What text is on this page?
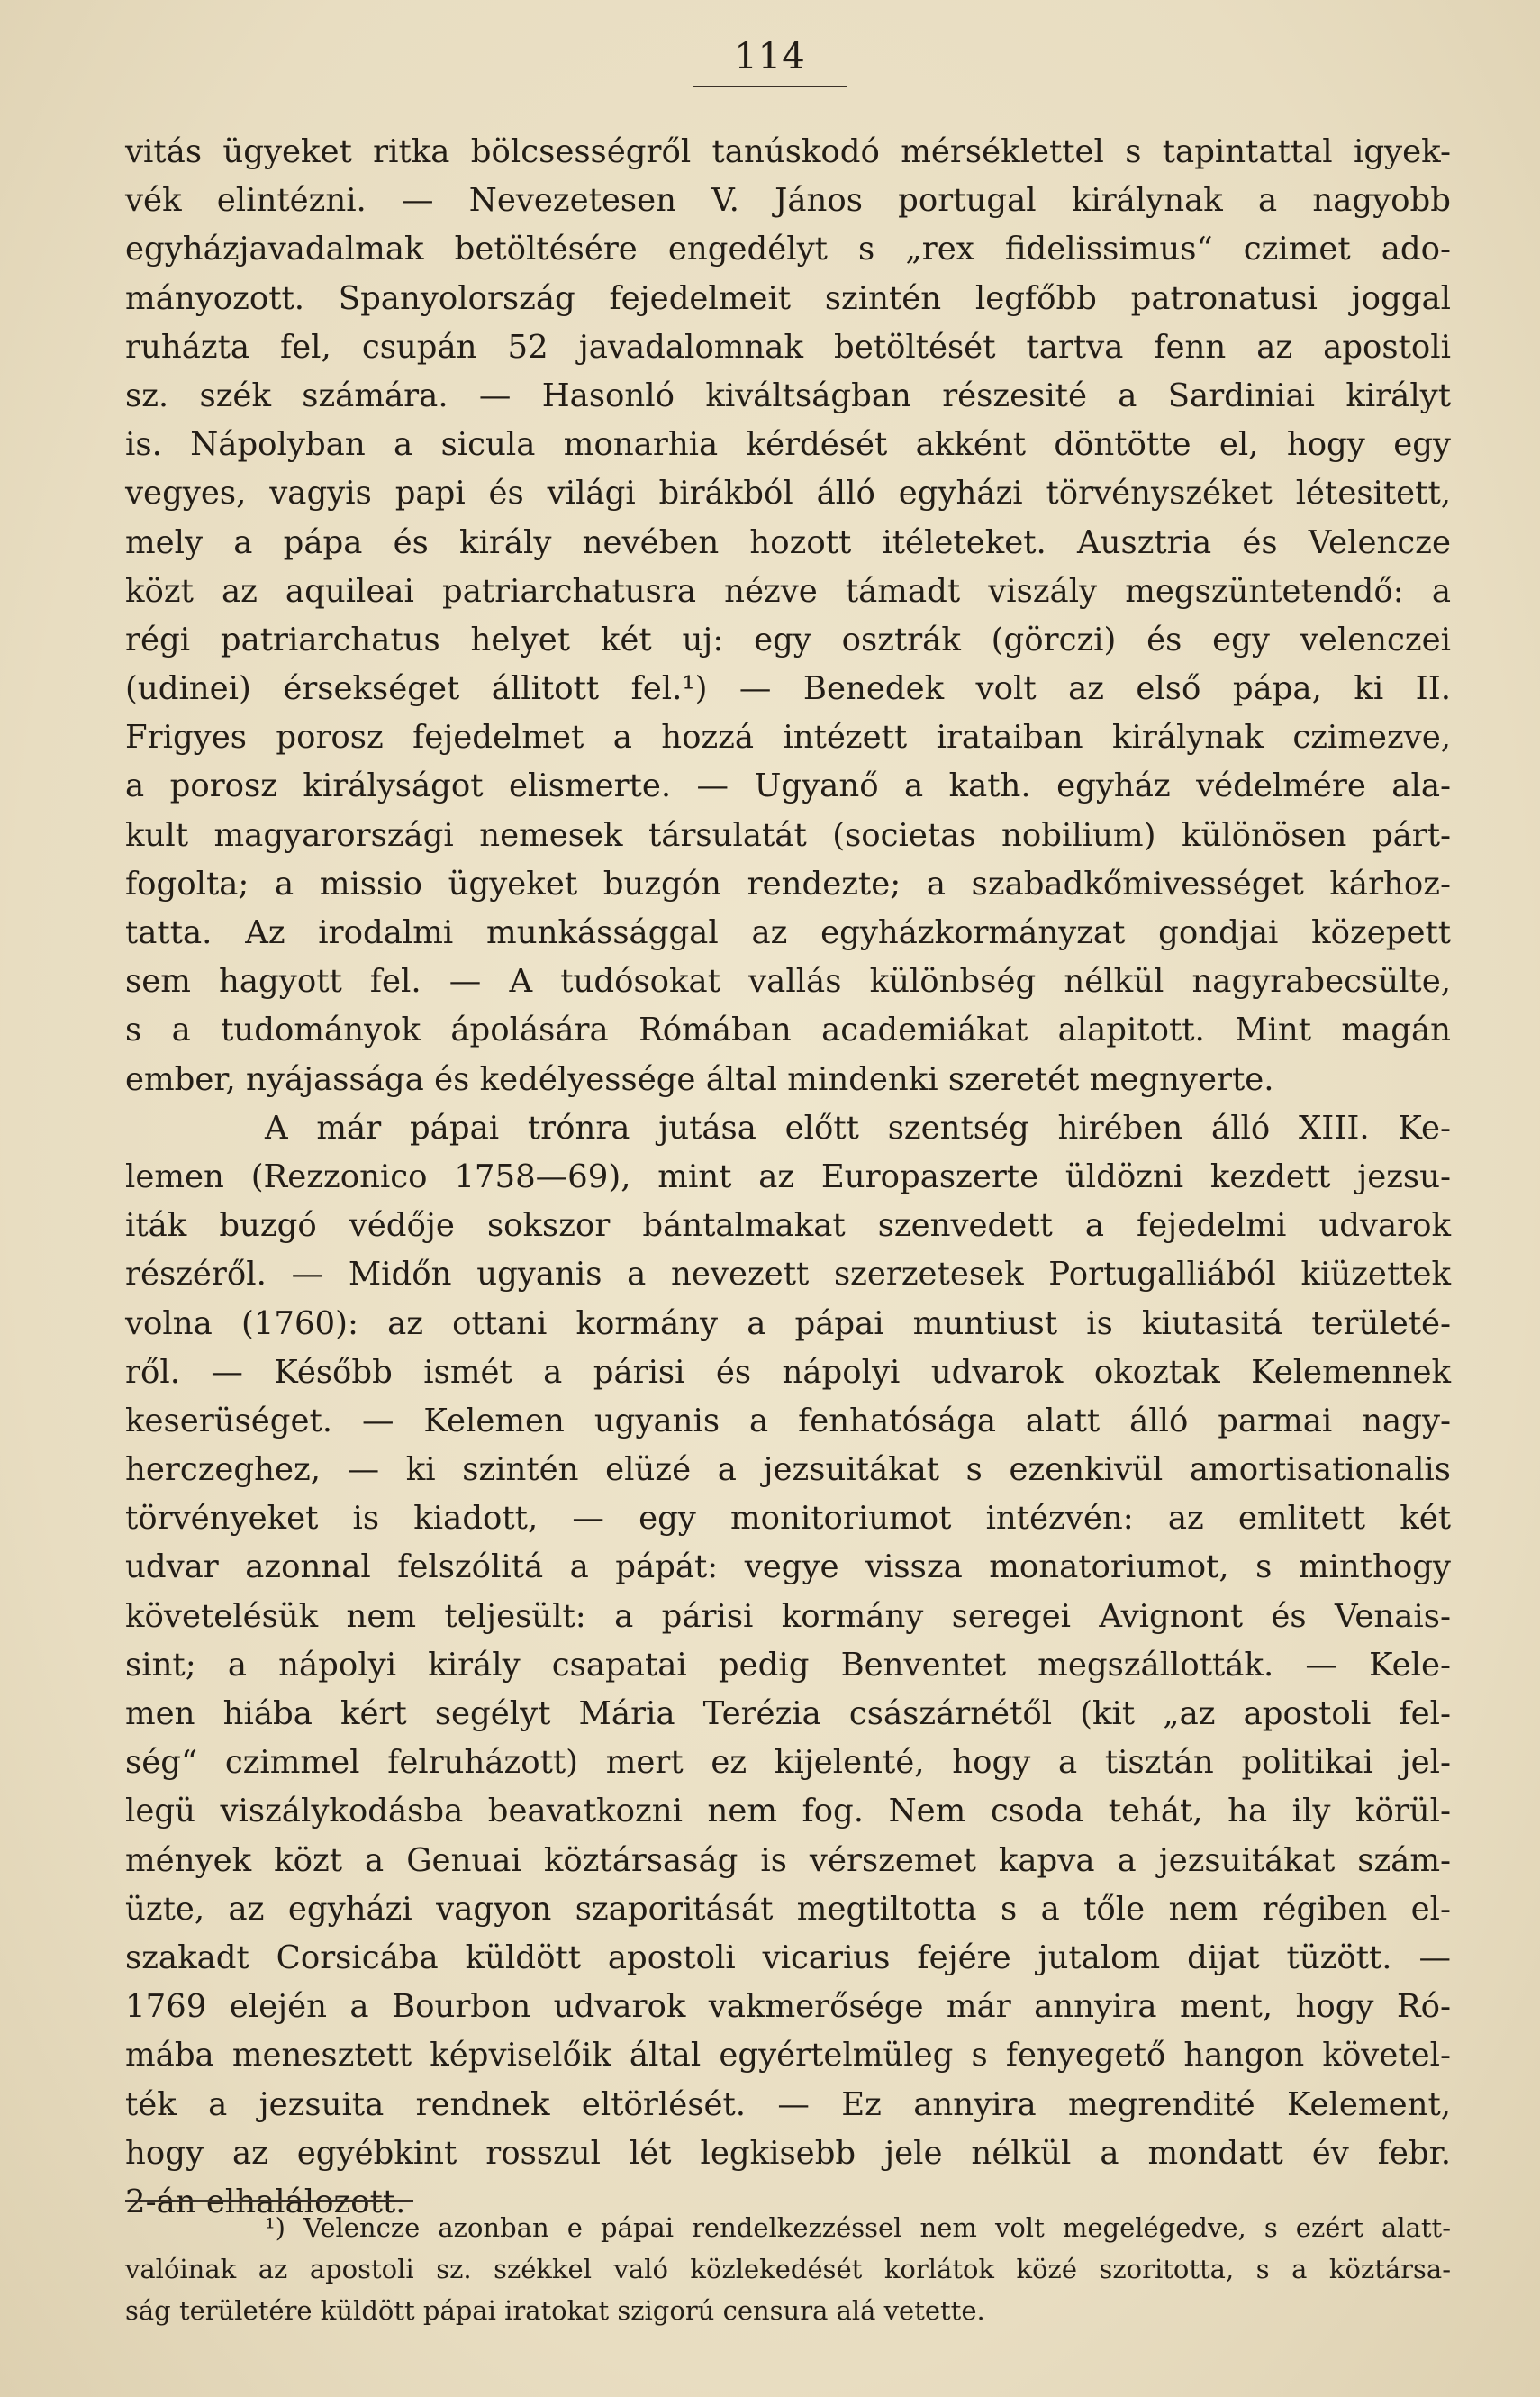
114
vitás ügyeket ritka bölcsességről tanúskodó mérséklettel s tapintattal igyek-
vék elintézni. — Nevezetesen V. János portugal királynak a nagyobb
egyházjavadalmak betöltésére engedélyt s „rex fidelissimus“ czimet ado-
mányozott. Spanyolország fejedelmeit szintén legfőbb patronatusi joggal
ruházta fel, csupán 52 javadalomnak betöltését tartva fenn az apostoli
sz. szék számára. — Hasonló kiváltságban részesité a Sardiniai királyt
is. Nápolyban a sicula monarhia kérdését akként döntötte el, hogy egy
vegyes, vagyis papi és világi birákból álló egyházi törvényszéket létesitett,
mely a pápa és király nevében hozott itéleteket. Ausztria és Velencze
közt az aquileai patriarchatusra nézve támadt viszály megszüntetendő: a
régi patriarchatus helyet két uj: egy osztrák (görczi) és egy velenczei
(udinei) érsekséget állitott fel.¹) — Benedek volt az első pápa, ki II.
Frigyes porosz fejedelmet a hozzá intézett irataiban királynak czimezve,
a porosz királyságot elismerte. — Ugyanő a kath. egyház védelmére ala-
kult magyarországi nemesek társulatát (societas nobilium) különösen párt-
fogolta; a missio ügyeket buzgón rendezte; a szabadkőmivességet kárhoz-
tatta. Az irodalmi munkássággal az egyházkormányzat gondjai közepett
sem hagyott fel. — A tudósokat vallás különbség nélkül nagyrabecsülte,
s a tudományok ápolására Rómában academiákat alapitott. Mint magán
ember, nyájassága és kedélyessége által mindenki szeretét megnyerte.
A már pápai trónra jutása előtt szentség hirében álló XIII. Ke-
lemen (Rezzonico 1758—69), mint az Europaszerte üldözni kezdett jezsu-
iták buzgó védője sokszor bántalmakat szenvedett a fejedelmi udvarok
részéről. — Midőn ugyanis a nevezett szerzetesek Portugalliából kiüzettek
volna (1760): az ottani kormány a pápai muntiust is kiutasitá területé-
ről. — Később ismét a párisi és nápolyi udvarok okoztak Kelemennek
keserüséget. — Kelemen ugyanis a fenhatósága alatt álló parmai nagy-
herczeghez, — ki szintén elüzé a jezsuitákat s ezenkivül amortisationalis
törvényeket is kiadott, — egy monitoriumot intézvén: az emlitett két
udvar azonnal felszólitá a pápát: vegye vissza monatoriumot, s minthogy
követelésük nem teljesült: a párisi kormány seregei Avignont és Venais-
sint; a nápolyi király csapatai pedig Benventet megszállották. — Kele-
men hiába kért segélyt Mária Terézia császárnétől (kit „az apostoli fel-
ség“ czimmel felruházott) mert ez kijelenté, hogy a tisztán politikai jel-
legü viszálykodásba beavatkozni nem fog. Nem csoda tehát, ha ily körül-
mények közt a Genuai köztársaság is vérszemet kapva a jezsuitákat szám-
üzte, az egyházi vagyon szaporitását megtiltotta s a tőle nem régiben el-
szakadt Corsicába küldött apostoli vicarius fejére jutalom dijat tüzött. —
1769 elején a Bourbon udvarok vakmerősége már annyira ment, hogy Ró-
mába menesztett képviselőik által egyértelmüleg s fenyegető hangon követel-
ték a jezsuita rendnek eltörlését. — Ez annyira megrendité Kelement,
hogy az egyébkint rosszul lét legkisebb jele nélkül a mondatt év febr.
2-án elhalálozott.
¹) Velencze azonban e pápai rendelkezzéssel nem volt megelégedve, s ezért alatt-
valóinak az apostoli sz. székkel való közlekedését korlátok közé szoritotta, s a köztársa-
ság területére küldött pápai iratokat szigorú censura alá vetette.
